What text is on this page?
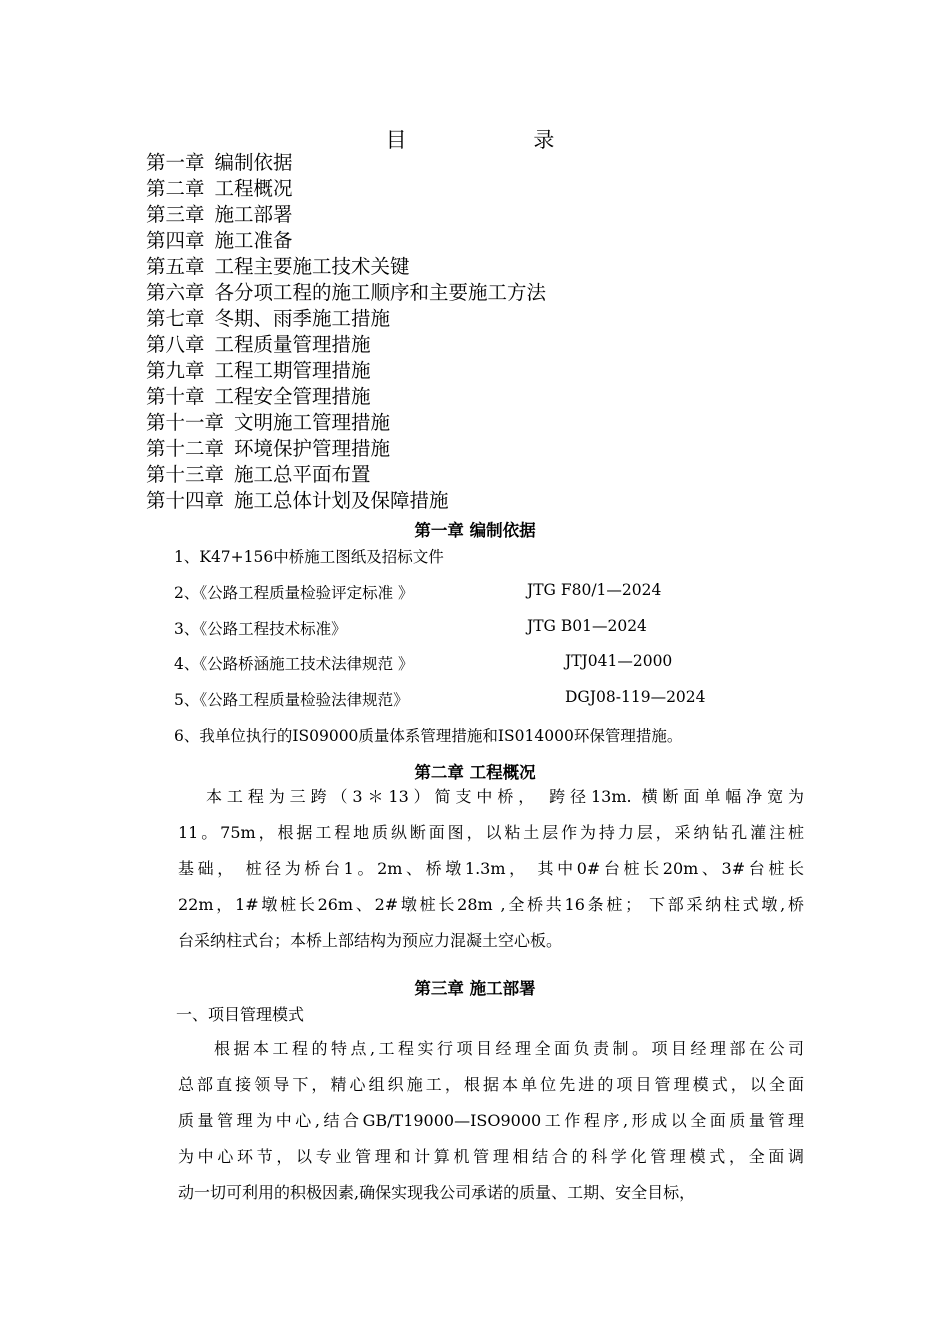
目 录
第一章 编制依据
第二章 工程概况
第三章 施工部署
第四章 施工准备
第五章 工程主要施工技术关键
第六章 各分项工程的施工顺序和主要施工方法
第七章 冬期、雨季施工措施
第八章 工程质量管理措施
第九章 工程工期管理措施
第十章 工程安全管理措施
第十一章 文明施工管理措施
第十二章 环境保护管理措施
第十三章 施工总平面布置
第十四章 施工总体计划及保障措施
第一章 编制依据
1、K47+156中桥施工图纸及招标文件
2、《公路工程质量检验评定标准 》	JTG F80/1—2024
3、《公路工程技术标准》	JTG B01—2024
4、《公路桥涵施工技术法律规范 》	JTJ041—2000
5、《公路工程质量检验法律规范》	DGJ08-119—2024
6、我单位执行的IS09000质量体系管理措施和IS014000环保管理措施。
第二章 工程概况
本工程为三跨（3＊13）简支中桥， 跨径13m. 横断面单幅净宽为
11。75m，根据工程地质纵断面图，以粘土层作为持力层，采纳钻孔灌注桩
基础， 桩径为桥台1。2m、桥墩1.3m， 其中0#台桩长20m、3#台桩长
22m，1#墩桩长26m、2#墩桩长28m ,全桥共16条桩； 下部采纳柱式墩,桥
台采纳柱式台；本桥上部结构为预应力混凝土空心板。
第三章 施工部署
一、项目管理模式
根据本工程的特点,工程实行项目经理全面负责制。项目经理部在公司
总部直接领导下，精心组织施工，根据本单位先进的项目管理模式，以全面
质量管理为中心,结合GB/T19000—ISO9000工作程序,形成以全面质量管理
为中心环节，以专业管理和计算机管理相结合的科学化管理模式，全面调
动一切可利用的积极因素,确保实现我公司承诺的质量、工期、安全目标，
